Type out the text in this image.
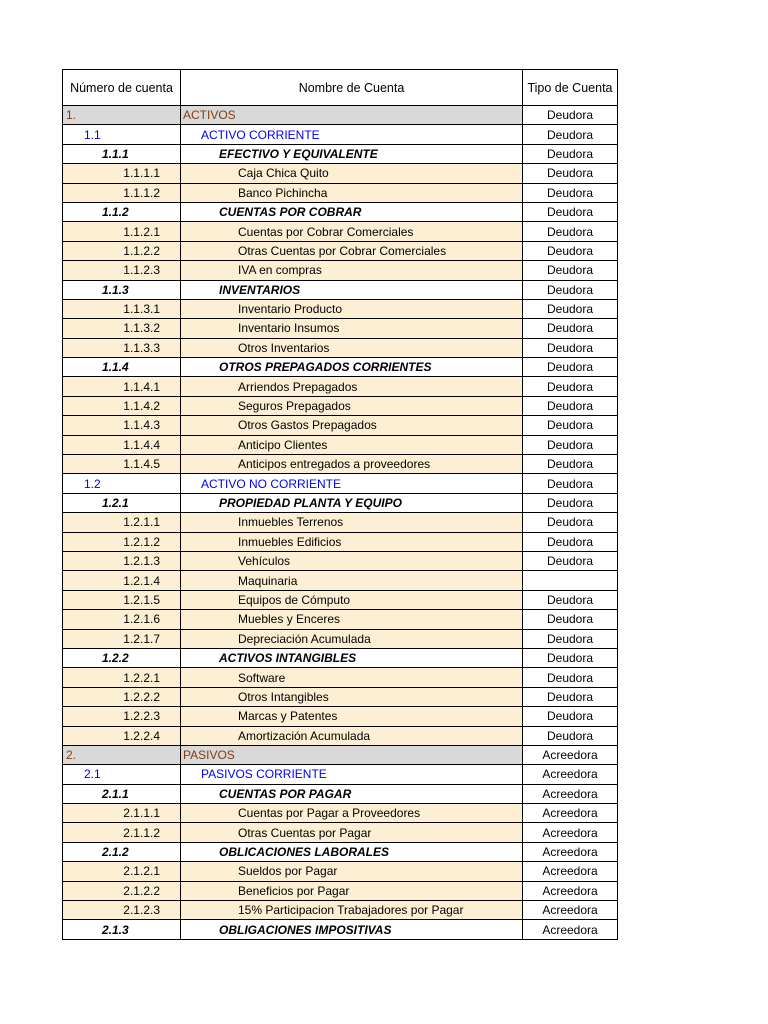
Número de cuenta	Nombre de Cuenta	Tipo de Cuenta
1.	ACTIVOS	Deudora
1.1	ACTIVO CORRIENTE	Deudora
1.1.1	EFECTIVO Y EQUIVALENTE	Deudora
1.1.1.1	Caja Chica Quito	Deudora
1.1.1.2	Banco Pichincha	Deudora
1.1.2	CUENTAS POR COBRAR	Deudora
1.1.2.1	Cuentas por Cobrar Comerciales	Deudora
1.1.2.2	Otras Cuentas por Cobrar Comerciales	Deudora
1.1.2.3	IVA en compras	Deudora
1.1.3	INVENTARIOS	Deudora
1.1.3.1	Inventario Producto	Deudora
1.1.3.2	Inventario Insumos	Deudora
1.1.3.3	Otros Inventarios	Deudora
1.1.4	OTROS PREPAGADOS CORRIENTES	Deudora
1.1.4.1	Arriendos Prepagados	Deudora
1.1.4.2	Seguros Prepagados	Deudora
1.1.4.3	Otros Gastos Prepagados	Deudora
1.1.4.4	Anticipo Clientes	Deudora
1.1.4.5	Anticipos entregados a proveedores	Deudora
1.2	ACTIVO NO CORRIENTE	Deudora
1.2.1	PROPIEDAD PLANTA Y EQUIPO	Deudora
1.2.1.1	Inmuebles Terrenos	Deudora
1.2.1.2	Inmuebles Edificios	Deudora
1.2.1.3	Vehículos	Deudora
1.2.1.4	Maquinaria	
1.2.1.5	Equipos de Cómputo	Deudora
1.2.1.6	Muebles y Enceres	Deudora
1.2.1.7	Depreciación Acumulada	Deudora
1.2.2	ACTIVOS INTANGIBLES	Deudora
1.2.2.1	Software	Deudora
1.2.2.2	Otros Intangibles	Deudora
1.2.2.3	Marcas y Patentes	Deudora
1.2.2.4	Amortización Acumulada	Deudora
2.	PASIVOS	Acreedora
2.1	PASIVOS CORRIENTE	Acreedora
2.1.1	CUENTAS POR PAGAR	Acreedora
2.1.1.1	Cuentas por Pagar a Proveedores	Acreedora
2.1.1.2	Otras Cuentas por Pagar	Acreedora
2.1.2	OBLICACIONES LABORALES	Acreedora
2.1.2.1	Sueldos por Pagar	Acreedora
2.1.2.2	Beneficios por Pagar	Acreedora
2.1.2.3	15% Participacion Trabajadores por Pagar	Acreedora
2.1.3	OBLIGACIONES IMPOSITIVAS	Acreedora
